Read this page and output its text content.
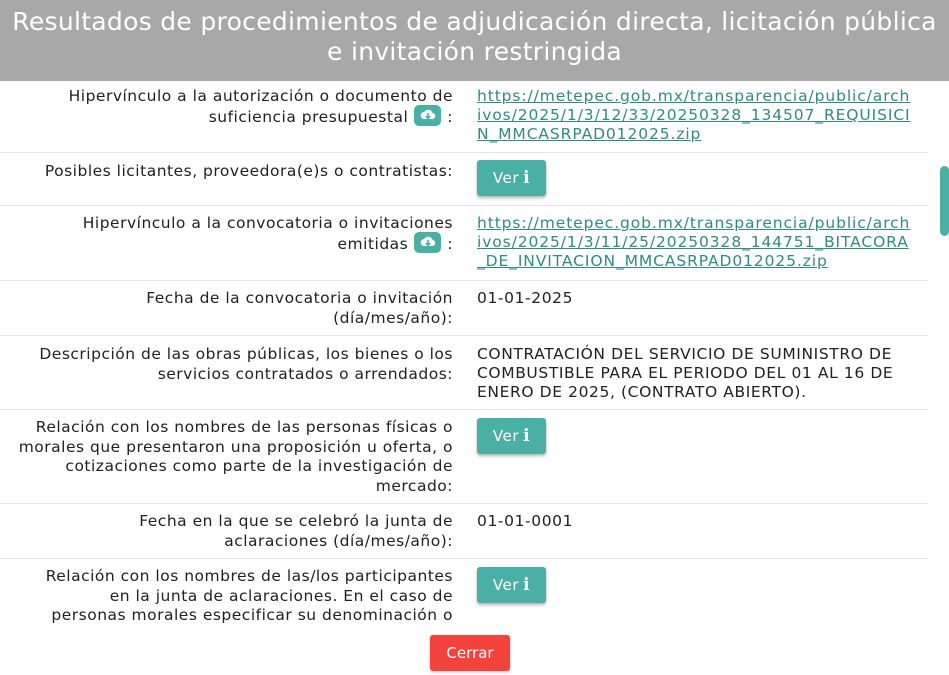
Resultados de procedimientos de adjudicación directa, licitación pública
e invitación restringida
Hipervínculo a la autorización o documento de suficiencia presupuestal	:
https://metepec.gob.mx/transparencia/public/archivos/2025/1/3/12/33/20250328_134507_REQUISICIN_MMCASRPAD012025.zip
Posibles licitantes, proveedora(e)s o contratistas:	Ver i
Hipervínculo a la convocatoria o invitaciones emitidas	:
https://metepec.gob.mx/transparencia/public/archivos/2025/1/3/11/25/20250328_144751_BITACORA_DE_INVITACION_MMCASRPAD012025.zip
Fecha de la convocatoria o invitación (día/mes/año):
01-01-2025
Descripción de las obras públicas, los bienes o los servicios contratados o arrendados:
CONTRATACIÓN DEL SERVICIO DE SUMINISTRO DE COMBUSTIBLE PARA EL PERIODO DEL 01 AL 16 DE ENERO DE 2025, (CONTRATO ABIERTO).
Relación con los nombres de las personas físicas o morales que presentaron una proposición u oferta, o cotizaciones como parte de la investigación de mercado:
Ver i
Fecha en la que se celebró la junta de aclaraciones (día/mes/año):
01-01-0001
Relación con los nombres de las/los participantes en la junta de aclaraciones. En el caso de personas morales especificar su denominación o
Ver i
Cerrar
